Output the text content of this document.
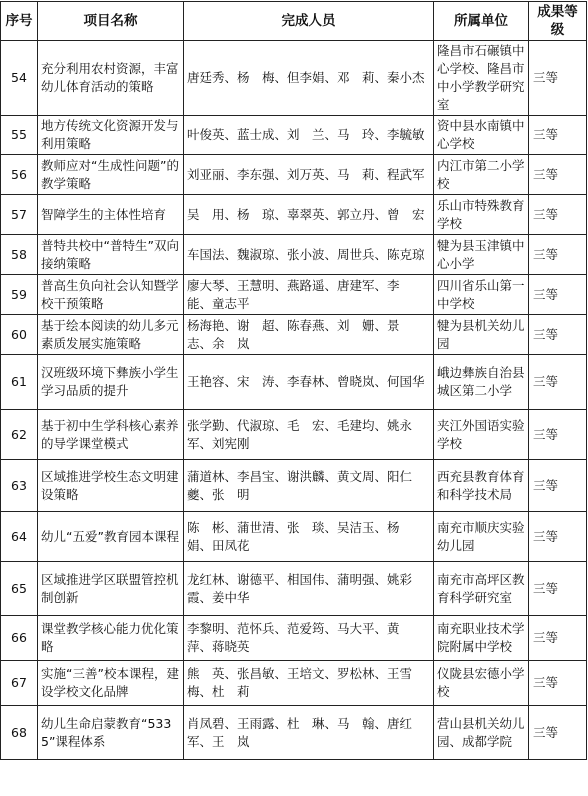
序号	项目名称	完成人员	所属单位	成果等级
54	充分利用农村资源，丰富幼儿体育活动的策略	唐廷秀、杨　梅、但李娟、邓　莉、秦小杰	隆昌市石碾镇中心学校、隆昌市中小学教学研究室	三等
55	地方传统文化资源开发与利用策略	叶俊英、蓝士成、刘　兰、马　玲、李毓敏	资中县水南镇中心学校	三等
56	教师应对“生成性问题”的教学策略	刘亚丽、李东强、刘万英、马　莉、程武军	内江市第二小学校	三等
57	智障学生的主体性培育	吴　用、杨　琼、辜翠英、郭立丹、曾　宏	乐山市特殊教育学校	三等
58	普特共校中“普特生”双向接纳策略	车国法、魏淑琼、张小波、周世兵、陈克琼	犍为县玉津镇中心小学	三等
59	普高生负向社会认知暨学校干预策略	廖大琴、王慧明、燕路遥、唐建军、李　能、童志平	四川省乐山第一中学校	三等
60	基于绘本阅读的幼儿多元素质发展实施策略	杨海艳、谢　超、陈春燕、刘　姗、景　志、余　岚	犍为县机关幼儿园	三等
61	汉班级环境下彝族小学生学习品质的提升	王艳容、宋　涛、李春林、曾晓岚、何国华	峨边彝族自治县城区第二小学	三等
62	基于初中生学科核心素养的导学课堂模式	张学勤、代淑琼、毛　宏、毛建均、姚永军、刘宪刚	夹江外国语实验学校	三等
63	区域推进学校生态文明建设策略	蒲道林、李昌宝、谢洪麟、黄文周、阳仁夔、张　明	西充县教育体育和科学技术局	三等
64	幼儿“五爱”教育园本课程	陈　彬、蒲世清、张　琰、吴洁玉、杨　娟、田凤花	南充市顺庆实验幼儿园	三等
65	区域推进学区联盟管控机制创新	龙红林、谢德平、相国伟、蒲明强、姚彩霞、姜中华	南充市高坪区教育科学研究室	三等
66	课堂教学核心能力优化策略	李黎明、范怀兵、范爱筠、马大平、黄　萍、蒋晓英	南充职业技术学院附属中学校	三等
67	实施“三善”校本课程，建设学校文化品牌	熊　英、张昌敏、王培文、罗松林、王雪梅、杜　莉	仪陇县宏德小学校	三等
68	幼儿生命启蒙教育“5335”课程体系	肖凤碧、王雨露、杜　琳、马　翰、唐红军、王　岚	营山县机关幼儿园、成都学院	三等
